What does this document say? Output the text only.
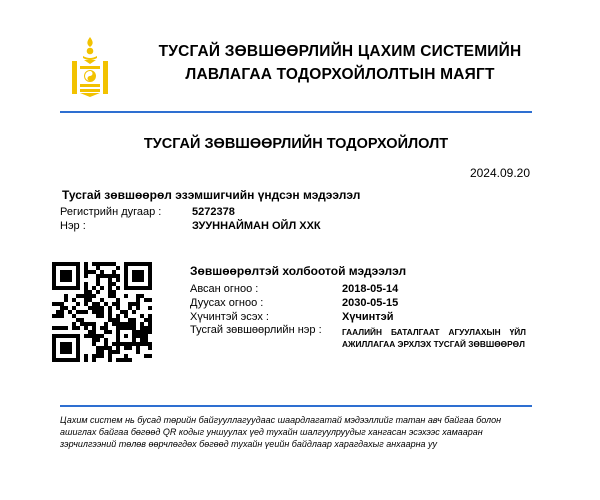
ТУСГАЙ ЗӨВШӨӨРЛИЙН ЦАХИМ СИСТЕМИЙН
ЛАВЛАГАА ТОДОРХОЙЛОЛТЫН МАЯГТ
ТУСГАЙ ЗӨВШӨӨРЛИЙН ТОДОРХОЙЛОЛТ
2024.09.20
Тусгай зөвшөөрөл эзэмшигчийн үндсэн мэдээлэл
Регистрийн дугаар :	5272378
Нэр :	ЗУУННАЙМАН ОЙЛ ХХК
Зөвшөөрөлтэй холбоотой мэдээлэл
Авсан огноо :	2018-05-14
Дуусах огноо :	2030-05-15
Хүчинтэй эсэх :	Хүчинтэй
Тусгай зөвшөөрлийн нэр : ГААЛИЙН БАТАЛГААТ АГУУЛАХЫН ҮЙЛ АЖИЛЛАГАА ЭРХЛЭХ ТУСГАЙ ЗӨВШӨӨРӨЛ
Цахим систем нь бусад төрийн байгууллагуудаас шаардлагатай мэдээллийг татан авч байгаа болон ашиглах байгаа бөгөөд QR кодыг уншуулах үед тухайн шалгуулруудыг хангасан эсэхээс хамааран зэрчилгээний төлөв өөрчлөгдөх бөгөөд тухайн үеийн байдлаар харагдахыг анхаарна уу
